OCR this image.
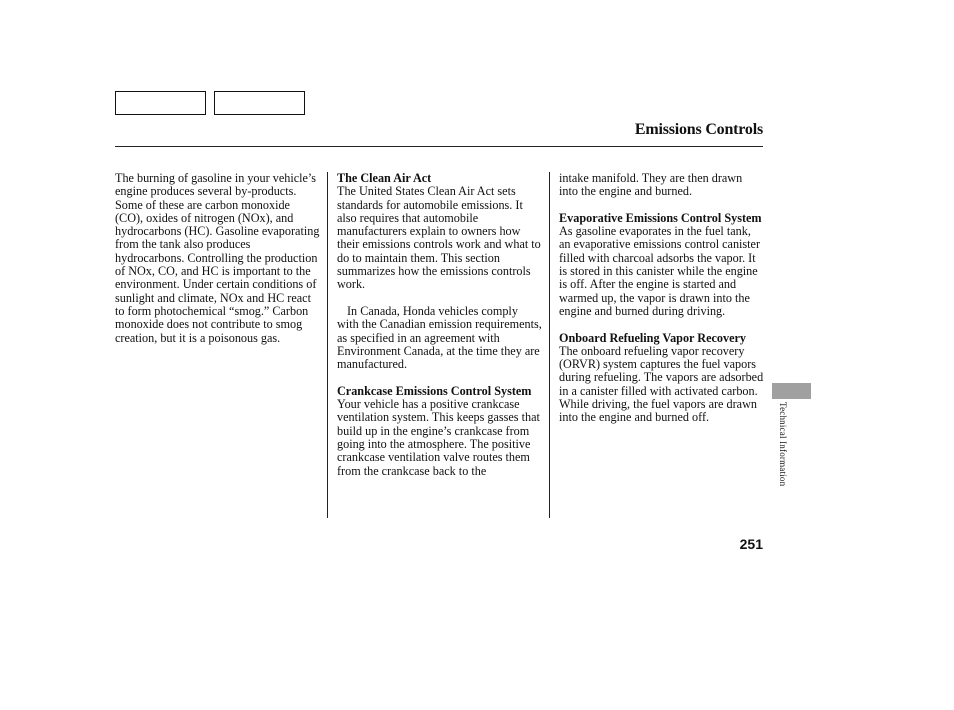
Emissions Controls

The burning of gasoline in your vehicle’s engine produces several by-products. Some of these are carbon monoxide (CO), oxides of nitrogen (NOx), and hydrocarbons (HC). Gasoline evaporating from the tank also produces hydrocarbons. Controlling the production of NOx, CO, and HC is important to the environment. Under certain conditions of sunlight and climate, NOx and HC react to form photochemical “smog.” Carbon monoxide does not contribute to smog creation, but it is a poisonous gas.

The Clean Air Act

The United States Clean Air Act sets standards for automobile emissions. It also requires that automobile manufacturers explain to owners how their emissions controls work and what to do to maintain them. This section summarizes how the emissions controls work.

In Canada, Honda vehicles comply with the Canadian emission requirements, as specified in an agreement with Environment Canada, at the time they are manufactured.

Crankcase Emissions Control System

Your vehicle has a positive crankcase ventilation system. This keeps gasses that build up in the engine’s crankcase from going into the atmosphere. The positive crankcase ventilation valve routes them from the crankcase back to the

intake manifold. They are then drawn into the engine and burned.

Evaporative Emissions Control System

As gasoline evaporates in the fuel tank, an evaporative emissions control canister filled with charcoal adsorbs the vapor. It is stored in this canister while the engine is off. After the engine is started and warmed up, the vapor is drawn into the engine and burned during driving.

Onboard Refueling Vapor Recovery

The onboard refueling vapor recovery (ORVR) system captures the fuel vapors during refueling. The vapors are adsorbed in a canister filled with activated carbon. While driving, the fuel vapors are drawn into the engine and burned off.

251
Technical Information
